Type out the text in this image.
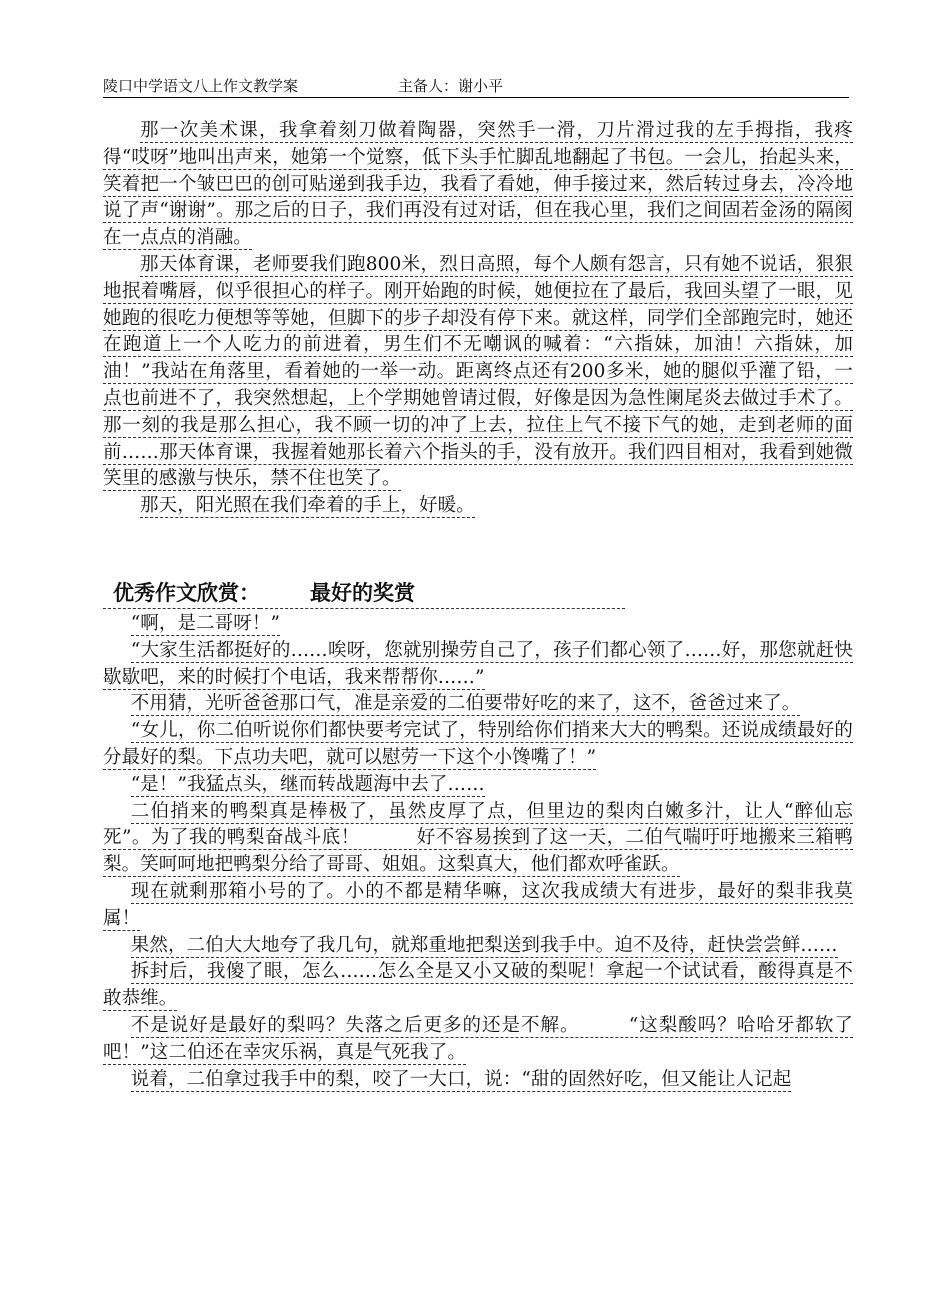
陵口中学语文八上作文教学案	主备人：谢小平

那一次美术课，我拿着刻刀做着陶器，突然手一滑，刀片滑过我的左手拇指，我疼得“哎呀”地叫出声来，她第一个觉察，低下头手忙脚乱地翻起了书包。一会儿，抬起头来，笑着把一个皱巴巴的创可贴递到我手边，我看了看她，伸手接过来，然后转过身去，冷冷地说了声“谢谢”。那之后的日子，我们再没有过对话，但在我心里，我们之间固若金汤的隔阂在一点点的消融。

那天体育课，老师要我们跑800米，烈日高照，每个人颇有怨言，只有她不说话，狠狠地抿着嘴唇，似乎很担心的样子。刚开始跑的时候，她便拉在了最后，我回头望了一眼，见她跑的很吃力便想等等她，但脚下的步子却没有停下来。就这样，同学们全部跑完时，她还在跑道上一个人吃力的前进着，男生们不无嘲讽的喊着：“六指妹，加油！六指妹，加油！”我站在角落里，看着她的一举一动。距离终点还有200多米，她的腿似乎灌了铅，一点也前进不了，我突然想起，上个学期她曾请过假，好像是因为急性阑尾炎去做过手术了。那一刻的我是那么担心，我不顾一切的冲了上去，拉住上气不接下气的她，走到老师的面前……那天体育课，我握着她那长着六个指头的手，没有放开。我们四目相对，我看到她微笑里的感激与快乐，禁不住也笑了。

那天，阳光照在我们牵着的手上，好暖。

优秀作文欣赏： 最好的奖赏

“啊，是二哥呀！”

“大家生活都挺好的……唉呀，您就别操劳自己了，孩子们都心领了……好，那您就赶快歇歇吧，来的时候打个电话，我来帮帮你……”

不用猜，光听爸爸那口气，准是亲爱的二伯要带好吃的来了，这不，爸爸过来了。

“女儿，你二伯听说你们都快要考完试了，特别给你们捎来大大的鸭梨。还说成绩最好的分最好的梨。下点功夫吧，就可以慰劳一下这个小馋嘴了！”

“是！”我猛点头，继而转战题海中去了……

二伯捎来的鸭梨真是棒极了，虽然皮厚了点，但里边的梨肉白嫩多汁，让人“醉仙忘死”。为了我的鸭梨奋战斗底！　　　好不容易挨到了这一天，二伯气喘吁吁地搬来三箱鸭梨。笑呵呵地把鸭梨分给了哥哥、姐姐。这梨真大，他们都欢呼雀跃。

现在就剩那箱小号的了。小的不都是精华嘛，这次我成绩大有进步，最好的梨非我莫属！

果然，二伯大大地夸了我几句，就郑重地把梨送到我手中。迫不及待，赶快尝尝鲜……

拆封后，我傻了眼，怎么……怎么全是又小又破的梨呢！拿起一个试试看，酸得真是不敢恭维。

不是说好是最好的梨吗？失落之后更多的还是不解。　　　“这梨酸吗？哈哈牙都软了吧！”这二伯还在幸灾乐祸，真是气死我了。

说着，二伯拿过我手中的梨，咬了一大口，说：“甜的固然好吃，但又能让人记起
